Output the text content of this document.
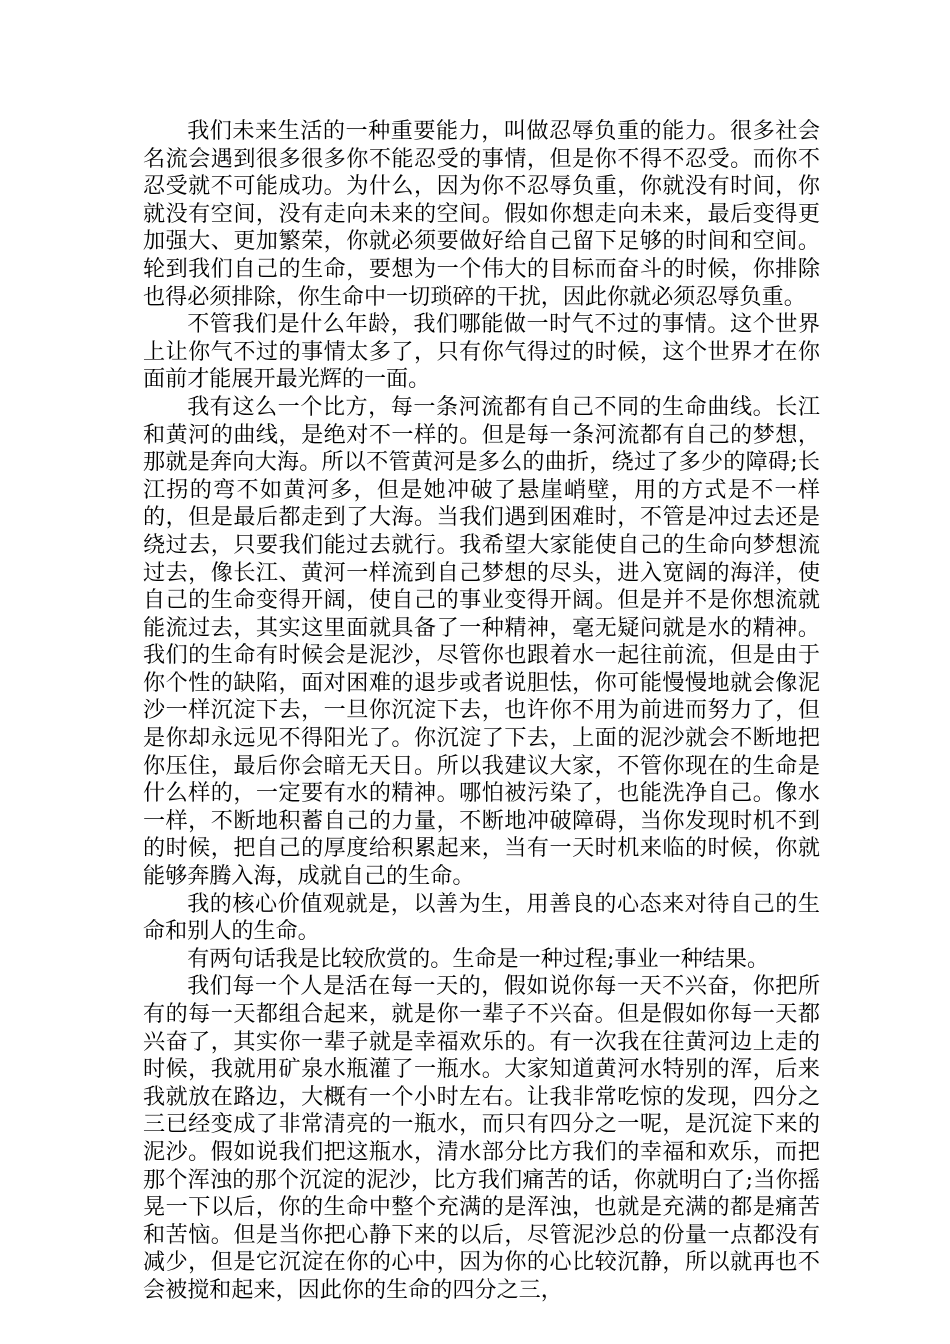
我们未来生活的一种重要能力，叫做忍辱负重的能力。很多社会名流会遇到很多很多你不能忍受的事情，但是你不得不忍受。而你不忍受就不可能成功。为什么，因为你不忍辱负重，你就没有时间，你就没有空间，没有走向未来的空间。假如你想走向未来，最后变得更加强大、更加繁荣，你就必须要做好给自己留下足够的时间和空间。轮到我们自己的生命，要想为一个伟大的目标而奋斗的时候，你排除也得必须排除，你生命中一切琐碎的干扰，因此你就必须忍辱负重。

不管我们是什么年龄，我们哪能做一时气不过的事情。这个世界上让你气不过的事情太多了，只有你气得过的时候，这个世界才在你面前才能展开最光辉的一面。

我有这么一个比方，每一条河流都有自己不同的生命曲线。长江和黄河的曲线，是绝对不一样的。但是每一条河流都有自己的梦想，那就是奔向大海。所以不管黄河是多么的曲折，绕过了多少的障碍;长江拐的弯不如黄河多，但是她冲破了悬崖峭壁，用的方式是不一样的，但是最后都走到了大海。当我们遇到困难时，不管是冲过去还是绕过去，只要我们能过去就行。我希望大家能使自己的生命向梦想流过去，像长江、黄河一样流到自己梦想的尽头，进入宽阔的海洋，使自己的生命变得开阔，使自己的事业变得开阔。但是并不是你想流就能流过去，其实这里面就具备了一种精神，毫无疑问就是水的精神。我们的生命有时候会是泥沙，尽管你也跟着水一起往前流，但是由于你个性的缺陷，面对困难的退步或者说胆怯，你可能慢慢地就会像泥沙一样沉淀下去，一旦你沉淀下去，也许你不用为前进而努力了，但是你却永远见不得阳光了。你沉淀了下去，上面的泥沙就会不断地把你压住，最后你会暗无天日。所以我建议大家，不管你现在的生命是什么样的，一定要有水的精神。哪怕被污染了，也能洗净自己。像水一样，不断地积蓄自己的力量，不断地冲破障碍，当你发现时机不到的时候，把自己的厚度给积累起来，当有一天时机来临的时候，你就能够奔腾入海，成就自己的生命。

我的核心价值观就是，以善为生，用善良的心态来对待自己的生命和别人的生命。

有两句话我是比较欣赏的。生命是一种过程;事业一种结果。

我们每一个人是活在每一天的，假如说你每一天不兴奋，你把所有的每一天都组合起来，就是你一辈子不兴奋。但是假如你每一天都兴奋了，其实你一辈子就是幸福欢乐的。有一次我在往黄河边上走的时候，我就用矿泉水瓶灌了一瓶水。大家知道黄河水特别的浑，后来我就放在路边，大概有一个小时左右。让我非常吃惊的发现，四分之三已经变成了非常清亮的一瓶水，而只有四分之一呢，是沉淀下来的泥沙。假如说我们把这瓶水，清水部分比方我们的幸福和欢乐，而把那个浑浊的那个沉淀的泥沙，比方我们痛苦的话，你就明白了;当你摇晃一下以后，你的生命中整个充满的是浑浊，也就是充满的都是痛苦和苦恼。但是当你把心静下来的以后，尽管泥沙总的份量一点都没有减少，但是它沉淀在你的心中，因为你的心比较沉静，所以就再也不会被搅和起来，因此你的生命的四分之三，
